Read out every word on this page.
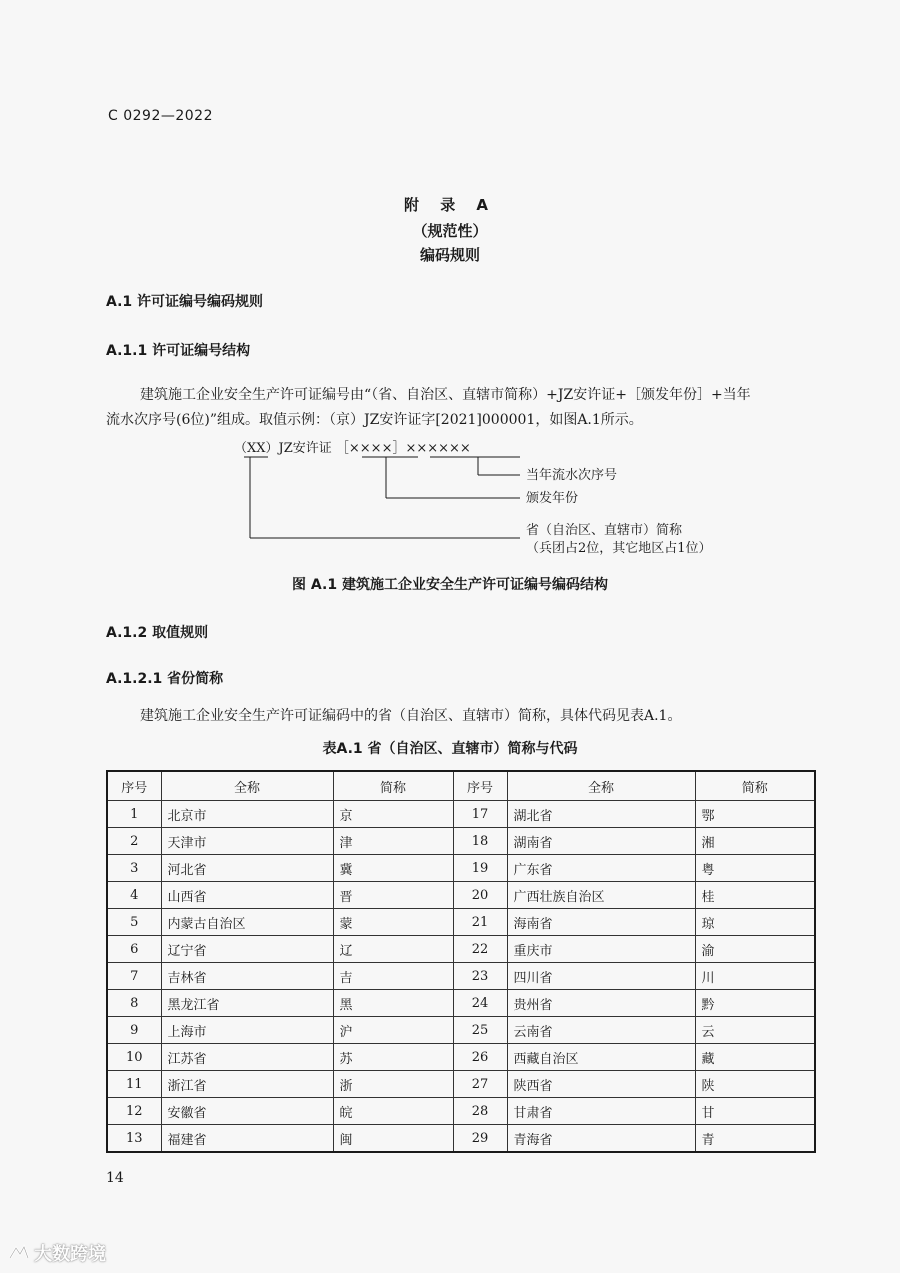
C 0292—2022
附 录 A
（规范性）
编码规则
A.1 许可证编号编码规则
A.1.1 许可证编号结构
建筑施工企业安全生产许可证编号由“（省、自治区、直辖市简称）+JZ安许证+［颁发年份］+当年
流水次序号(6位)”组成。取值示例：（京）JZ安许证字[2021]000001，如图A.1所示。
（XX）JZ安许证 ［××××］××××××
当年流水次序号
颁发年份
省（自治区、直辖市）简称
（兵团占2位，其它地区占1位）
图 A.1 建筑施工企业安全生产许可证编号编码结构
A.1.2 取值规则
A.1.2.1 省份简称
建筑施工企业安全生产许可证编码中的省（自治区、直辖市）简称，具体代码见表A.1。
表A.1 省（自治区、直辖市）简称与代码
序号	全称	简称	序号	全称	简称
1	北京市	京	17	湖北省	鄂
2	天津市	津	18	湖南省	湘
3	河北省	冀	19	广东省	粤
4	山西省	晋	20	广西壮族自治区	桂
5	内蒙古自治区	蒙	21	海南省	琼
6	辽宁省	辽	22	重庆市	渝
7	吉林省	吉	23	四川省	川
8	黑龙江省	黑	24	贵州省	黔
9	上海市	沪	25	云南省	云
10	江苏省	苏	26	西藏自治区	藏
11	浙江省	浙	27	陕西省	陕
12	安徽省	皖	28	甘肃省	甘
13	福建省	闽	29	青海省	青
14
大数跨境
